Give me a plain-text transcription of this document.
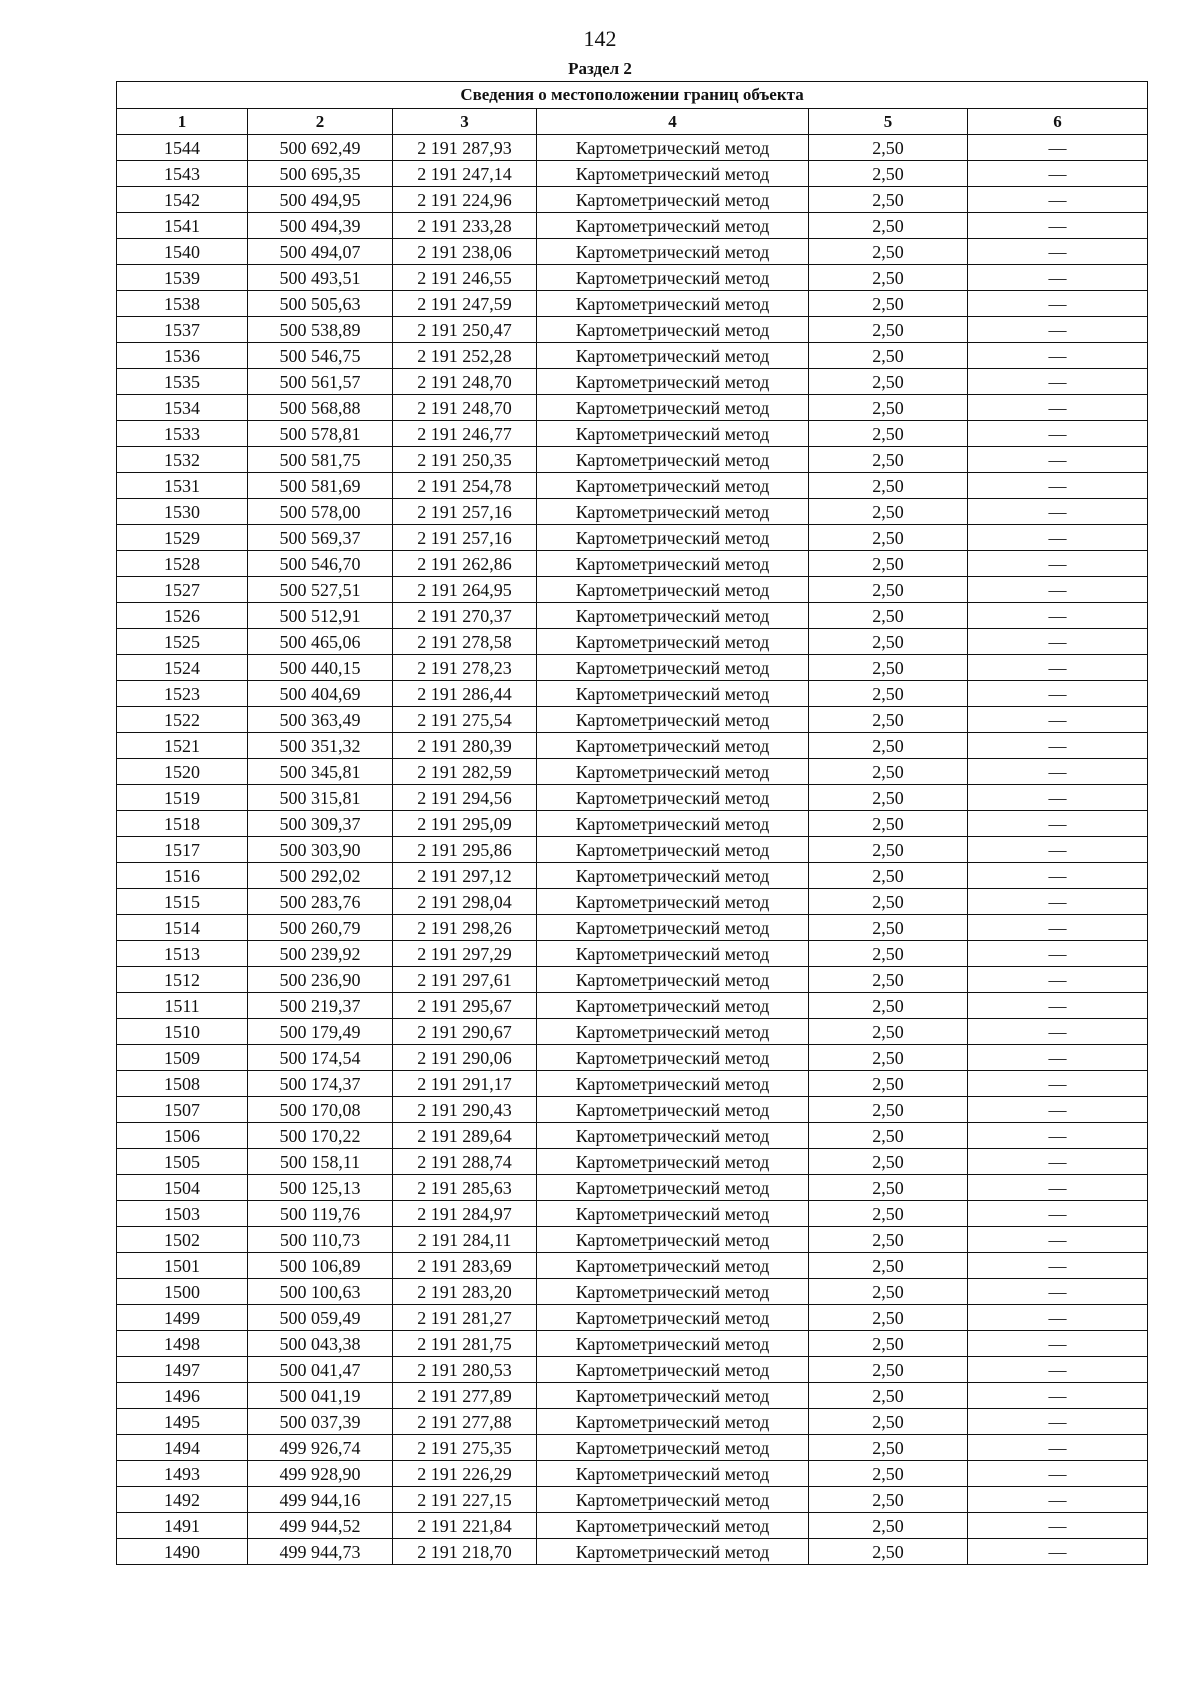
142
Раздел 2
Сведения о местоположении границ объекта					
1	2	3	4	5	6
1544	500 692,49	2 191 287,93	Картометрический метод	2,50	—
1543	500 695,35	2 191 247,14	Картометрический метод	2,50	—
1542	500 494,95	2 191 224,96	Картометрический метод	2,50	—
1541	500 494,39	2 191 233,28	Картометрический метод	2,50	—
1540	500 494,07	2 191 238,06	Картометрический метод	2,50	—
1539	500 493,51	2 191 246,55	Картометрический метод	2,50	—
1538	500 505,63	2 191 247,59	Картометрический метод	2,50	—
1537	500 538,89	2 191 250,47	Картометрический метод	2,50	—
1536	500 546,75	2 191 252,28	Картометрический метод	2,50	—
1535	500 561,57	2 191 248,70	Картометрический метод	2,50	—
1534	500 568,88	2 191 248,70	Картометрический метод	2,50	—
1533	500 578,81	2 191 246,77	Картометрический метод	2,50	—
1532	500 581,75	2 191 250,35	Картометрический метод	2,50	—
1531	500 581,69	2 191 254,78	Картометрический метод	2,50	—
1530	500 578,00	2 191 257,16	Картометрический метод	2,50	—
1529	500 569,37	2 191 257,16	Картометрический метод	2,50	—
1528	500 546,70	2 191 262,86	Картометрический метод	2,50	—
1527	500 527,51	2 191 264,95	Картометрический метод	2,50	—
1526	500 512,91	2 191 270,37	Картометрический метод	2,50	—
1525	500 465,06	2 191 278,58	Картометрический метод	2,50	—
1524	500 440,15	2 191 278,23	Картометрический метод	2,50	—
1523	500 404,69	2 191 286,44	Картометрический метод	2,50	—
1522	500 363,49	2 191 275,54	Картометрический метод	2,50	—
1521	500 351,32	2 191 280,39	Картометрический метод	2,50	—
1520	500 345,81	2 191 282,59	Картометрический метод	2,50	—
1519	500 315,81	2 191 294,56	Картометрический метод	2,50	—
1518	500 309,37	2 191 295,09	Картометрический метод	2,50	—
1517	500 303,90	2 191 295,86	Картометрический метод	2,50	—
1516	500 292,02	2 191 297,12	Картометрический метод	2,50	—
1515	500 283,76	2 191 298,04	Картометрический метод	2,50	—
1514	500 260,79	2 191 298,26	Картометрический метод	2,50	—
1513	500 239,92	2 191 297,29	Картометрический метод	2,50	—
1512	500 236,90	2 191 297,61	Картометрический метод	2,50	—
1511	500 219,37	2 191 295,67	Картометрический метод	2,50	—
1510	500 179,49	2 191 290,67	Картометрический метод	2,50	—
1509	500 174,54	2 191 290,06	Картометрический метод	2,50	—
1508	500 174,37	2 191 291,17	Картометрический метод	2,50	—
1507	500 170,08	2 191 290,43	Картометрический метод	2,50	—
1506	500 170,22	2 191 289,64	Картометрический метод	2,50	—
1505	500 158,11	2 191 288,74	Картометрический метод	2,50	—
1504	500 125,13	2 191 285,63	Картометрический метод	2,50	—
1503	500 119,76	2 191 284,97	Картометрический метод	2,50	—
1502	500 110,73	2 191 284,11	Картометрический метод	2,50	—
1501	500 106,89	2 191 283,69	Картометрический метод	2,50	—
1500	500 100,63	2 191 283,20	Картометрический метод	2,50	—
1499	500 059,49	2 191 281,27	Картометрический метод	2,50	—
1498	500 043,38	2 191 281,75	Картометрический метод	2,50	—
1497	500 041,47	2 191 280,53	Картометрический метод	2,50	—
1496	500 041,19	2 191 277,89	Картометрический метод	2,50	—
1495	500 037,39	2 191 277,88	Картометрический метод	2,50	—
1494	499 926,74	2 191 275,35	Картометрический метод	2,50	—
1493	499 928,90	2 191 226,29	Картометрический метод	2,50	—
1492	499 944,16	2 191 227,15	Картометрический метод	2,50	—
1491	499 944,52	2 191 221,84	Картометрический метод	2,50	—
1490	499 944,73	2 191 218,70	Картометрический метод	2,50	—
